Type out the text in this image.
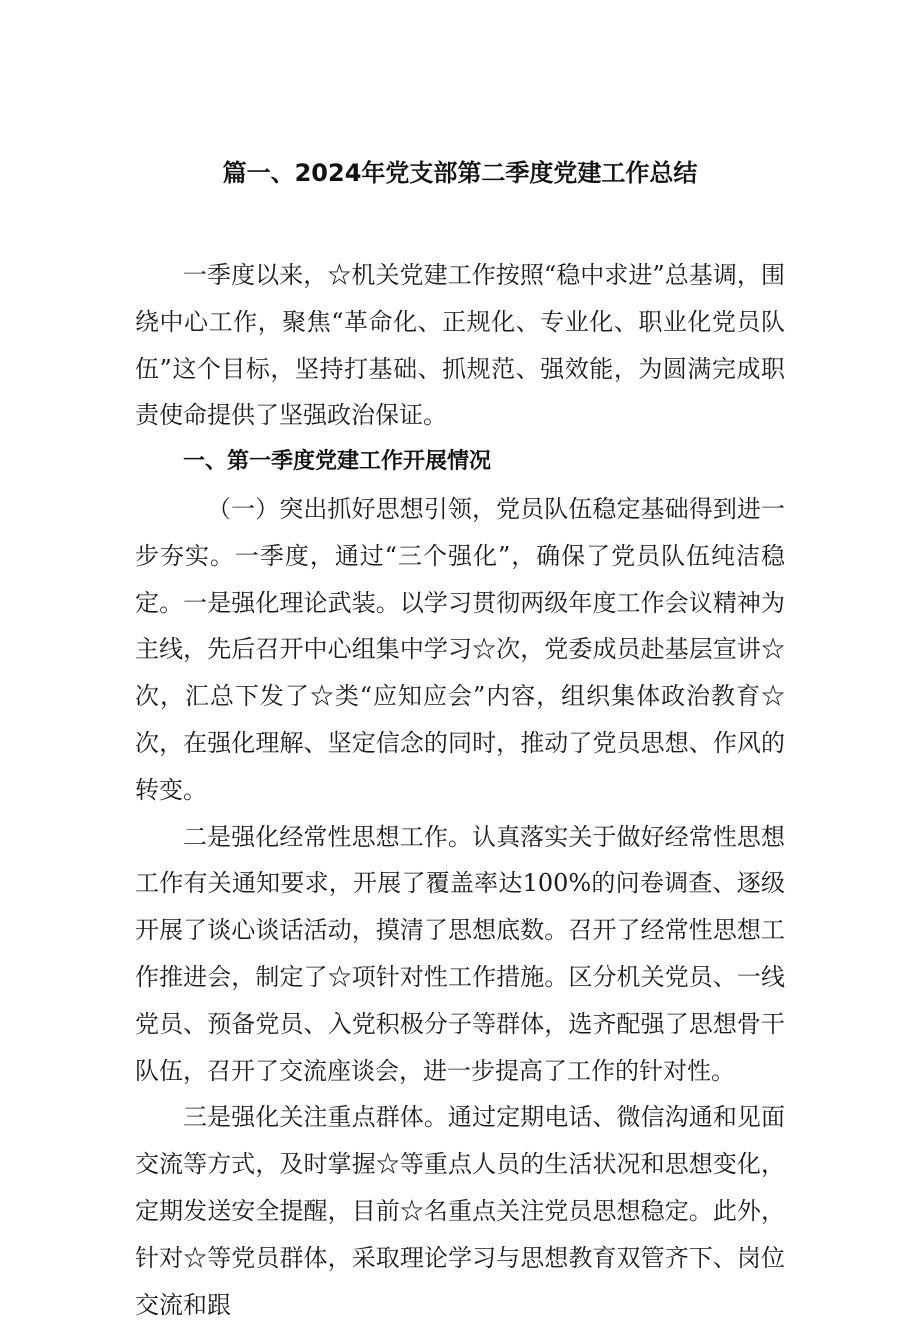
篇一、2024年党支部第二季度党建工作总结

一季度以来，☆机关党建工作按照“稳中求进”总基调，围绕中心工作，聚焦“革命化、正规化、专业化、职业化党员队伍”这个目标，坚持打基础、抓规范、强效能，为圆满完成职责使命提供了坚强政治保证。

一、第一季度党建工作开展情况

（一）突出抓好思想引领，党员队伍稳定基础得到进一步夯实。一季度，通过“三个强化”，确保了党员队伍纯洁稳定。一是强化理论武装。以学习贯彻两级年度工作会议精神为主线，先后召开中心组集中学习☆次，党委成员赴基层宣讲☆次，汇总下发了☆类“应知应会”内容，组织集体政治教育☆次，在强化理解、坚定信念的同时，推动了党员思想、作风的转变。

二是强化经常性思想工作。认真落实关于做好经常性思想工作有关通知要求，开展了覆盖率达100%的问卷调查、逐级开展了谈心谈话活动，摸清了思想底数。召开了经常性思想工作推进会，制定了☆项针对性工作措施。区分机关党员、一线党员、预备党员、入党积极分子等群体，选齐配强了思想骨干队伍，召开了交流座谈会，进一步提高了工作的针对性。

三是强化关注重点群体。通过定期电话、微信沟通和见面交流等方式，及时掌握☆等重点人员的生活状况和思想变化，定期发送安全提醒，目前☆名重点关注党员思想稳定。此外，针对☆等党员群体，采取理论学习与思想教育双管齐下、岗位交流和跟
